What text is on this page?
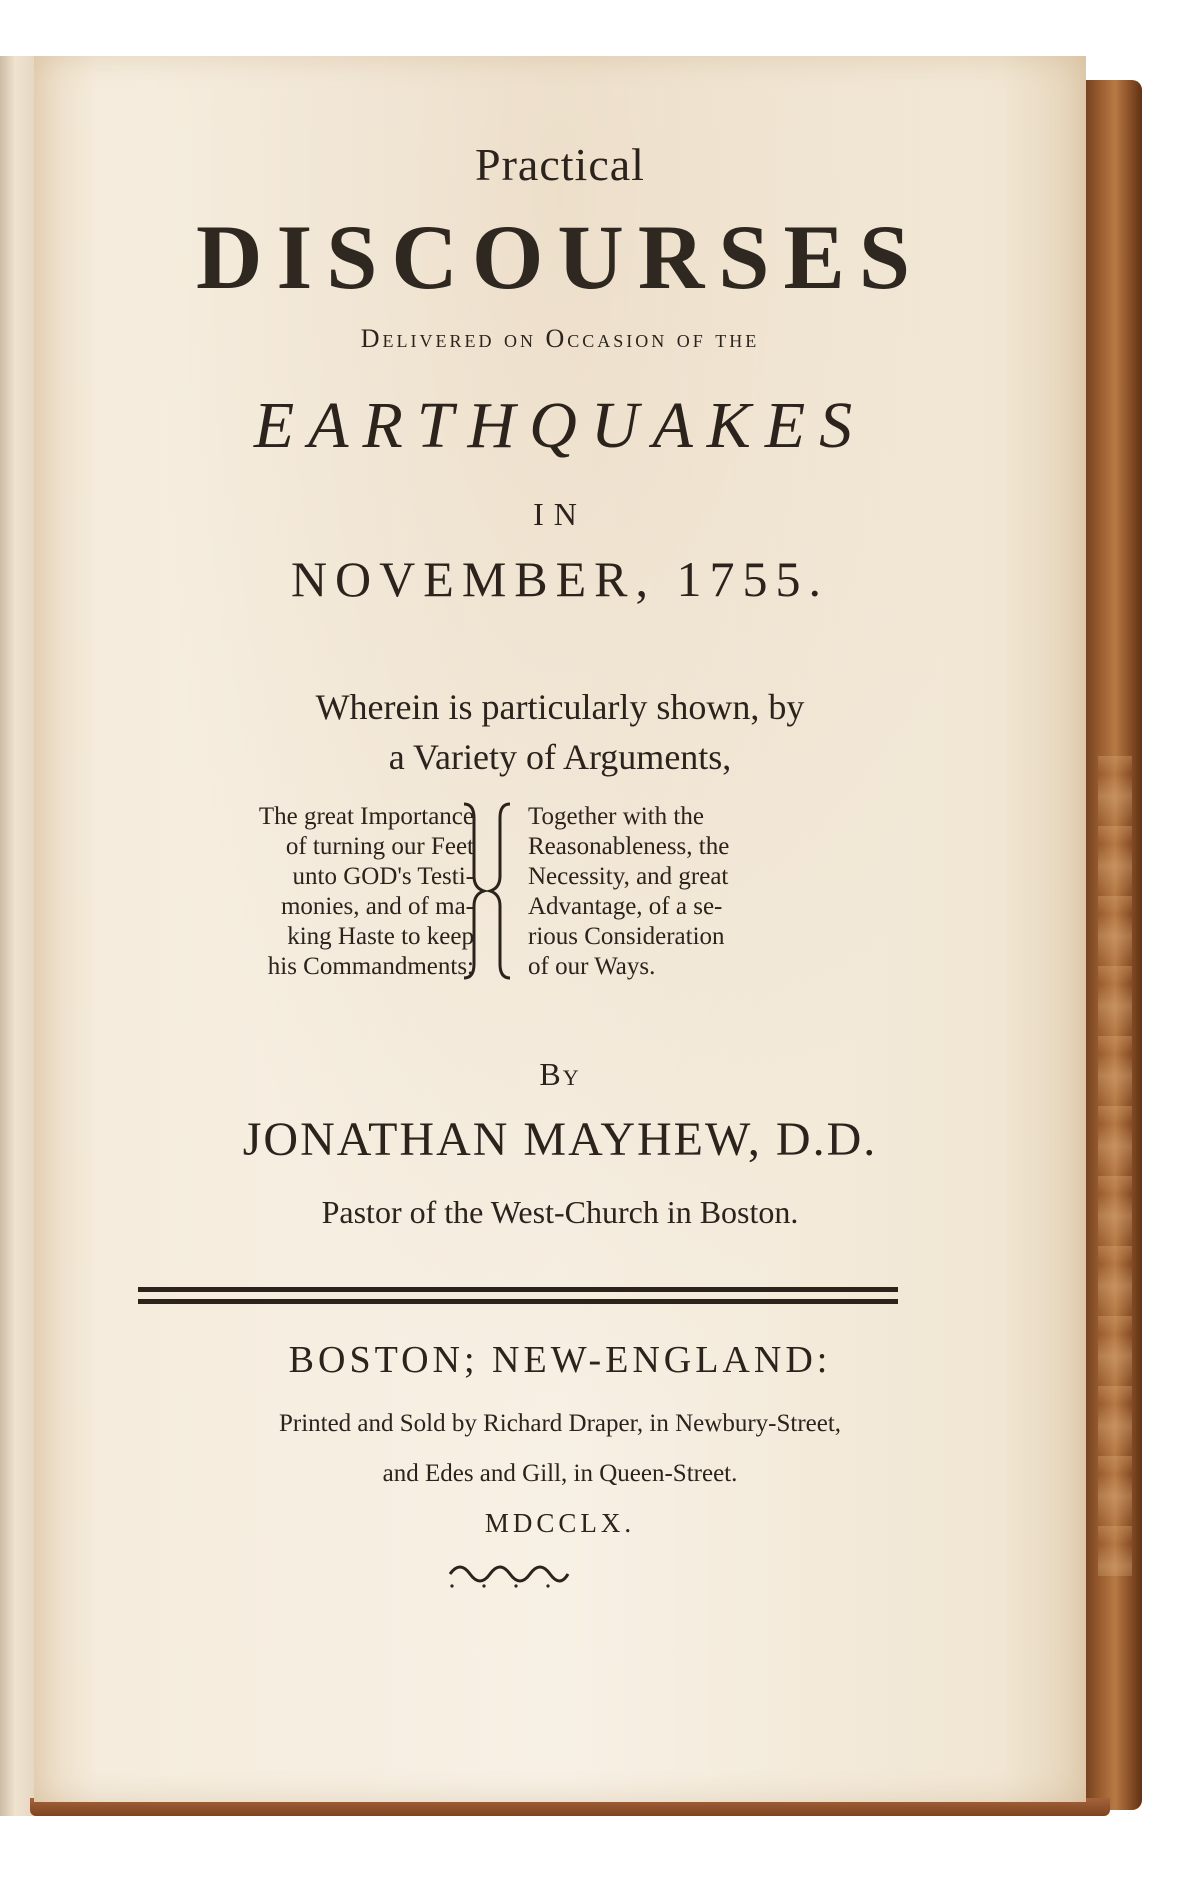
Practical
DISCOURSES
Delivered on Occasion of the
EARTHQUAKES
IN
NOVEMBER, 1755.
Wherein is particularly shown, by
a Variety of Arguments,
The great Importance
of turning our Feet
unto GOD's Testi-
monies, and of ma-
king Haste to keep
his Commandments;
Together with the
Reasonableness, the
Necessity, and great
Advantage, of a se-
rious Consideration
of our Ways.
By
JONATHAN MAYHEW, D.D.
Pastor of the West-Church in Boston.
BOSTON; NEW-ENGLAND:
Printed and Sold by Richard Draper, in Newbury-Street,
and Edes and Gill, in Queen-Street.
MDCCLX.
